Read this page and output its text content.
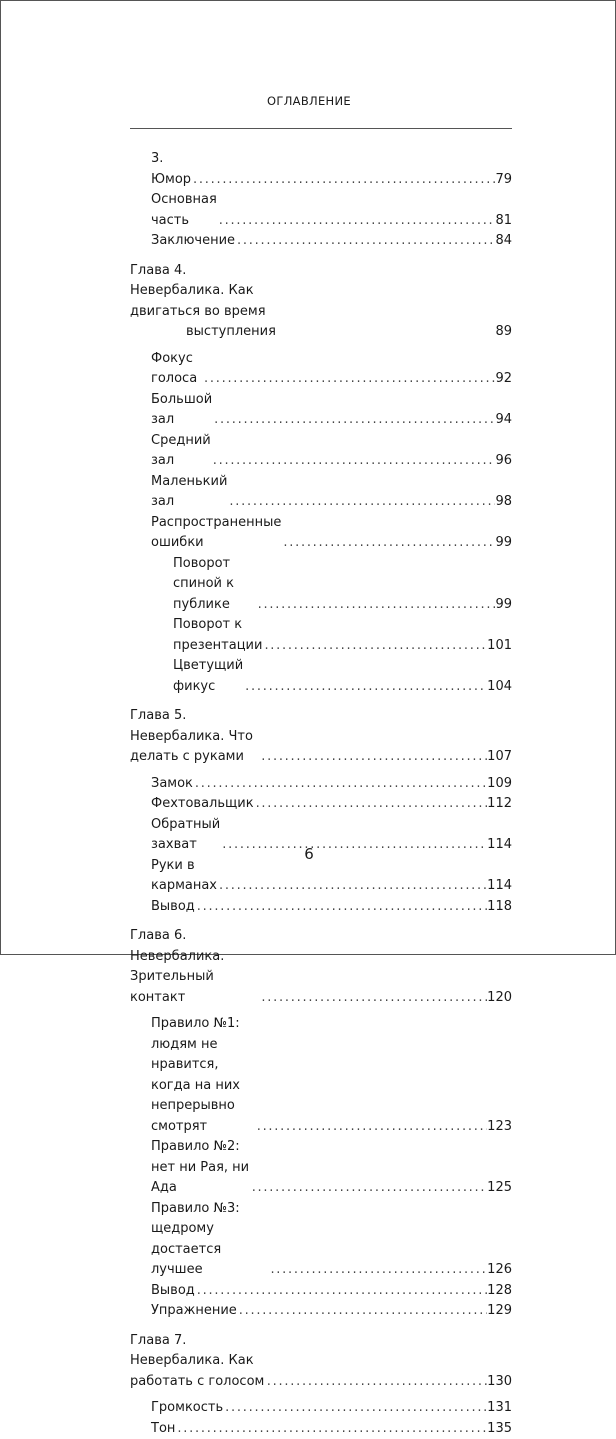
ОГЛАВЛЕНИЕ
3. Юмор . . .	79
Основная часть . . .	81
Заключение . . .	84
Глава 4. Невербалика. Как двигаться во время
выступления	89
Фокус голоса . . .	92
Большой зал . . .	94
Средний зал . . .	96
Маленький зал . . .	98
Распространенные ошибки . . .	99
Поворот спиной к публике . . .	99
Поворот к презентации . . .	101
Цветущий фикус . . .	104
Глава 5. Невербалика. Что делать с руками . . .	107
Замок . . .	109
Фехтовальщик . . .	112
Обратный захват . . .	114
Руки в карманах . . .	114
Вывод . . .	118
Глава 6. Невербалика. Зрительный контакт . . .	120
Правило №1: людям не нравится,
когда на них непрерывно смотрят . . .	123
Правило №2: нет ни Рая, ни Ада . . .	125
Правило №3: щедрому достается лучшее . . .	126
Вывод . . .	128
Упражнение . . .	129
Глава 7. Невербалика. Как работать с голосом . . .	130
Громкость . . .	131
Тон . . .	135
6
